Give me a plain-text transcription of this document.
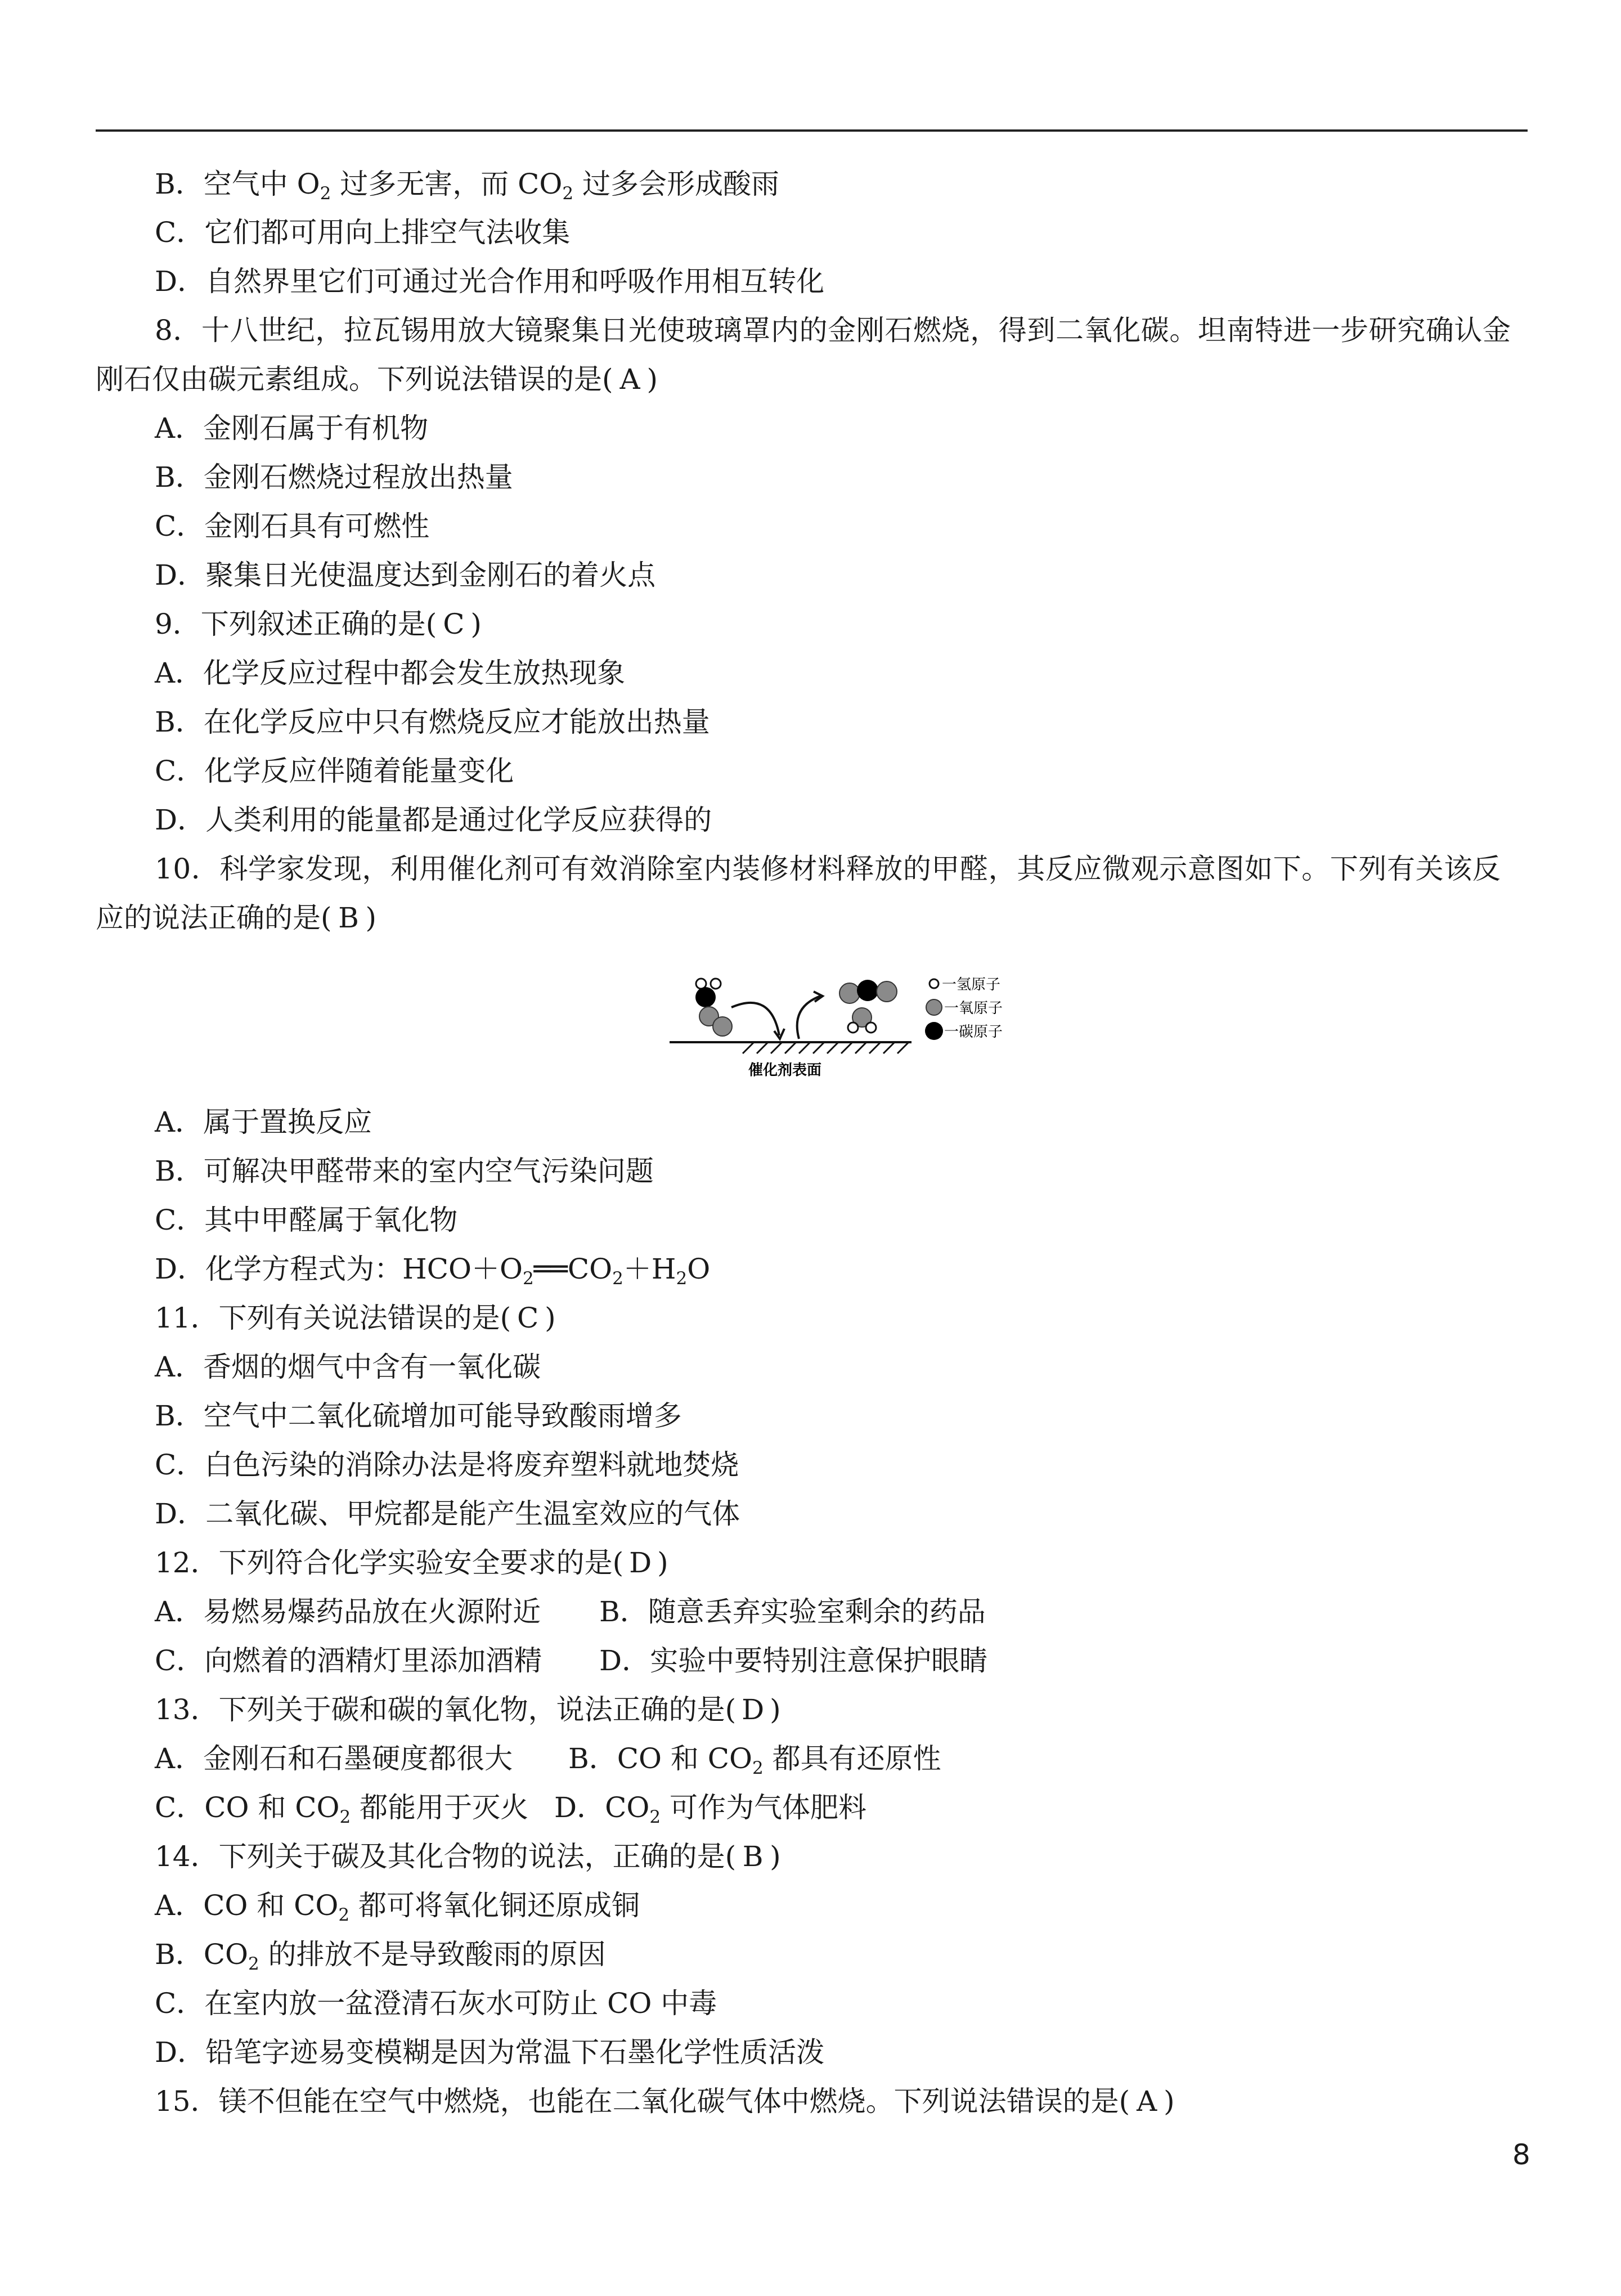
B．空气中 $O_2$ 过多无害，而 $CO_2$ 过多会形成酸雨
C．它们都可用向上排空气法收集
D．自然界里它们可通过光合作用和呼吸作用相互转化
8．十八世纪，拉瓦锡用放大镜聚集日光使玻璃罩内的金刚石燃烧，得到二氧化碳。坦南特进一步研究确认金
刚石仅由碳元素组成。下列说法错误的是( A )
A．金刚石属于有机物
B．金刚石燃烧过程放出热量
C．金刚石具有可燃性
D．聚集日光使温度达到金刚石的着火点
9．下列叙述正确的是( C )
A．化学反应过程中都会发生放热现象
B．在化学反应中只有燃烧反应才能放出热量
C．化学反应伴随着能量变化
D．人类利用的能量都是通过化学反应获得的
10．科学家发现，利用催化剂可有效消除室内装修材料释放的甲醛，其反应微观示意图如下。下列有关该反
应的说法正确的是( B )
一氢原子
一氧原子
一碳原子
催化剂表面
A．属于置换反应
B．可解决甲醛带来的室内空气污染问题
C．其中甲醛属于氧化物
D．化学方程式为：$HCO+O_2══CO_2+H_2O$
11．下列有关说法错误的是( C )
A．香烟的烟气中含有一氧化碳
B．空气中二氧化硫增加可能导致酸雨增多
C．白色污染的消除办法是将废弃塑料就地焚烧
D．二氧化碳、甲烷都是能产生温室效应的气体
12．下列符合化学实验安全要求的是( D )
A．易燃易爆药品放在火源附近 B．随意丢弃实验室剩余的药品
C．向燃着的酒精灯里添加酒精 D．实验中要特别注意保护眼睛
13．下列关于碳和碳的氧化物，说法正确的是( D )
A．金刚石和石墨硬度都很大 B．CO 和 $CO_2$ 都具有还原性
C．CO 和 $CO_2$ 都能用于灭火 D．$CO_2$ 可作为气体肥料
14．下列关于碳及其化合物的说法，正确的是( B )
A．CO 和 $CO_2$ 都可将氧化铜还原成铜
B．$CO_2$ 的排放不是导致酸雨的原因
C．在室内放一盆澄清石灰水可防止 CO 中毒
D．铅笔字迹易变模糊是因为常温下石墨化学性质活泼
15．镁不但能在空气中燃烧，也能在二氧化碳气体中燃烧。下列说法错误的是( A )
8
